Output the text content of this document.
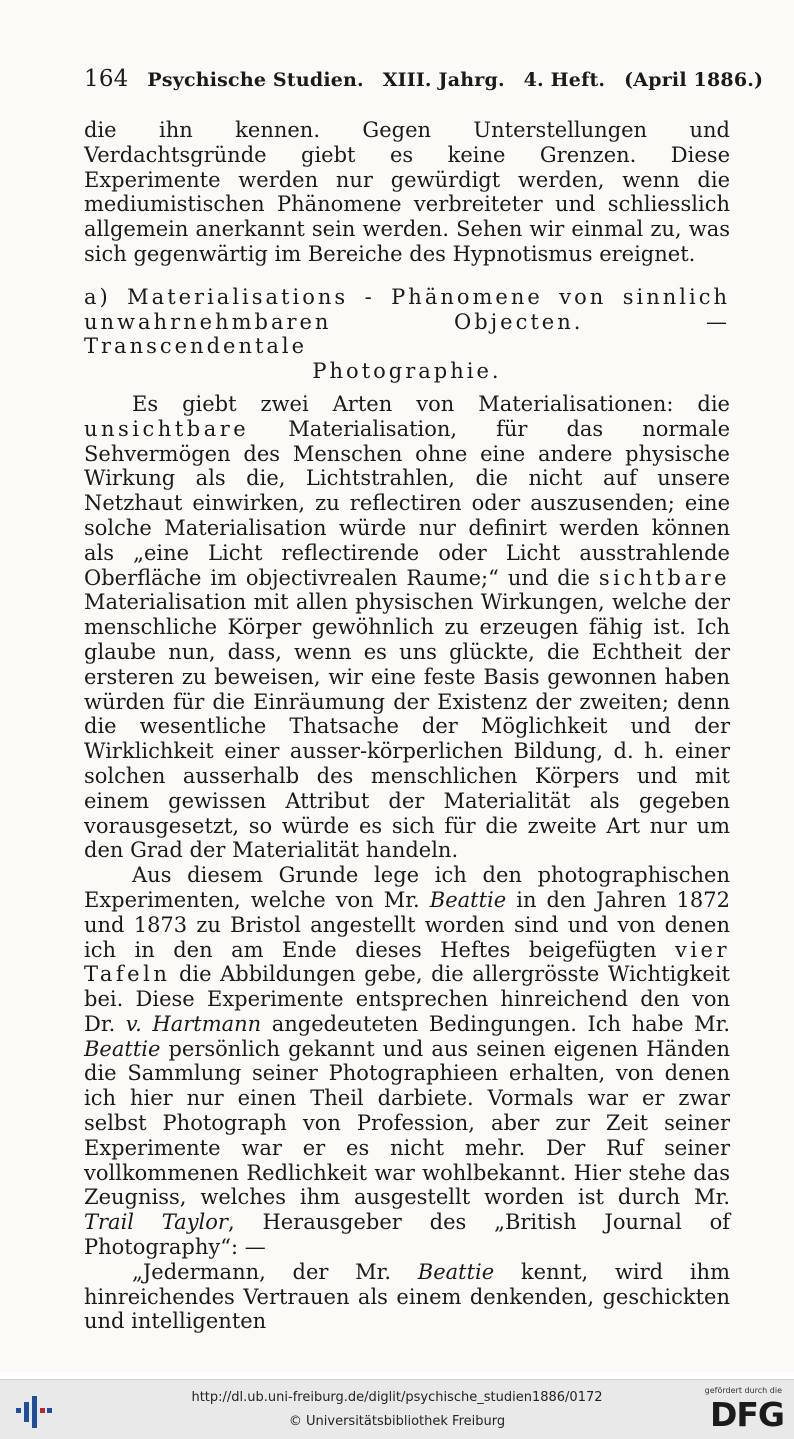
164 Psychische Studien. XIII. Jahrg. 4. Heft. (April 1886.)

die ihn kennen. Gegen Unterstellungen und Verdachtsgründe giebt es keine Grenzen. Diese Experimente werden nur gewürdigt werden, wenn die mediumistischen Phänomene verbreiteter und schliesslich allgemein anerkannt sein werden. Sehen wir einmal zu, was sich gegenwärtig im Bereiche des Hypnotismus ereignet.

a) Materialisations - Phänomene von sinnlich unwahrnehmbaren Objecten. — Transcendentale
Photographie.

Es giebt zwei Arten von Materialisationen: die unsichtbare Materialisation, für das normale Sehvermögen des Menschen ohne eine andere physische Wirkung als die, Lichtstrahlen, die nicht auf unsere Netzhaut einwirken, zu reflectiren oder auszusenden; eine solche Materialisation würde nur definirt werden können als „eine Licht reflectirende oder Licht ausstrahlende Oberfläche im objectivrealen Raume;“ und die sichtbare Materialisation mit allen physischen Wirkungen, welche der menschliche Körper gewöhnlich zu erzeugen fähig ist. Ich glaube nun, dass, wenn es uns glückte, die Echtheit der ersteren zu beweisen, wir eine feste Basis gewonnen haben würden für die Einräumung der Existenz der zweiten; denn die wesentliche Thatsache der Möglichkeit und der Wirklichkeit einer ausser-körperlichen Bildung, d. h. einer solchen ausserhalb des menschlichen Körpers und mit einem gewissen Attribut der Materialität als gegeben vorausgesetzt, so würde es sich für die zweite Art nur um den Grad der Materialität handeln.

Aus diesem Grunde lege ich den photographischen Experimenten, welche von Mr. Beattie in den Jahren 1872 und 1873 zu Bristol angestellt worden sind und von denen ich in den am Ende dieses Heftes beigefügten vier Tafeln die Abbildungen gebe, die allergrösste Wichtigkeit bei. Diese Experimente entsprechen hinreichend den von Dr. v. Hartmann angedeuteten Bedingungen. Ich habe Mr. Beattie persönlich gekannt und aus seinen eigenen Händen die Sammlung seiner Photographieen erhalten, von denen ich hier nur einen Theil darbiete. Vormals war er zwar selbst Photograph von Profession, aber zur Zeit seiner Experimente war er es nicht mehr. Der Ruf seiner vollkommenen Redlichkeit war wohlbekannt. Hier stehe das Zeugniss, welches ihm ausgestellt worden ist durch Mr. Trail Taylor, Herausgeber des „British Journal of Photography“: —

„Jedermann, der Mr. Beattie kennt, wird ihm hinreichendes Vertrauen als einem denkenden, geschickten und intelligenten

http://dl.ub.uni-freiburg.de/diglit/psychische_studien1886/0172
© Universitätsbibliothek Freiburg
gefördert durch die
DFG
